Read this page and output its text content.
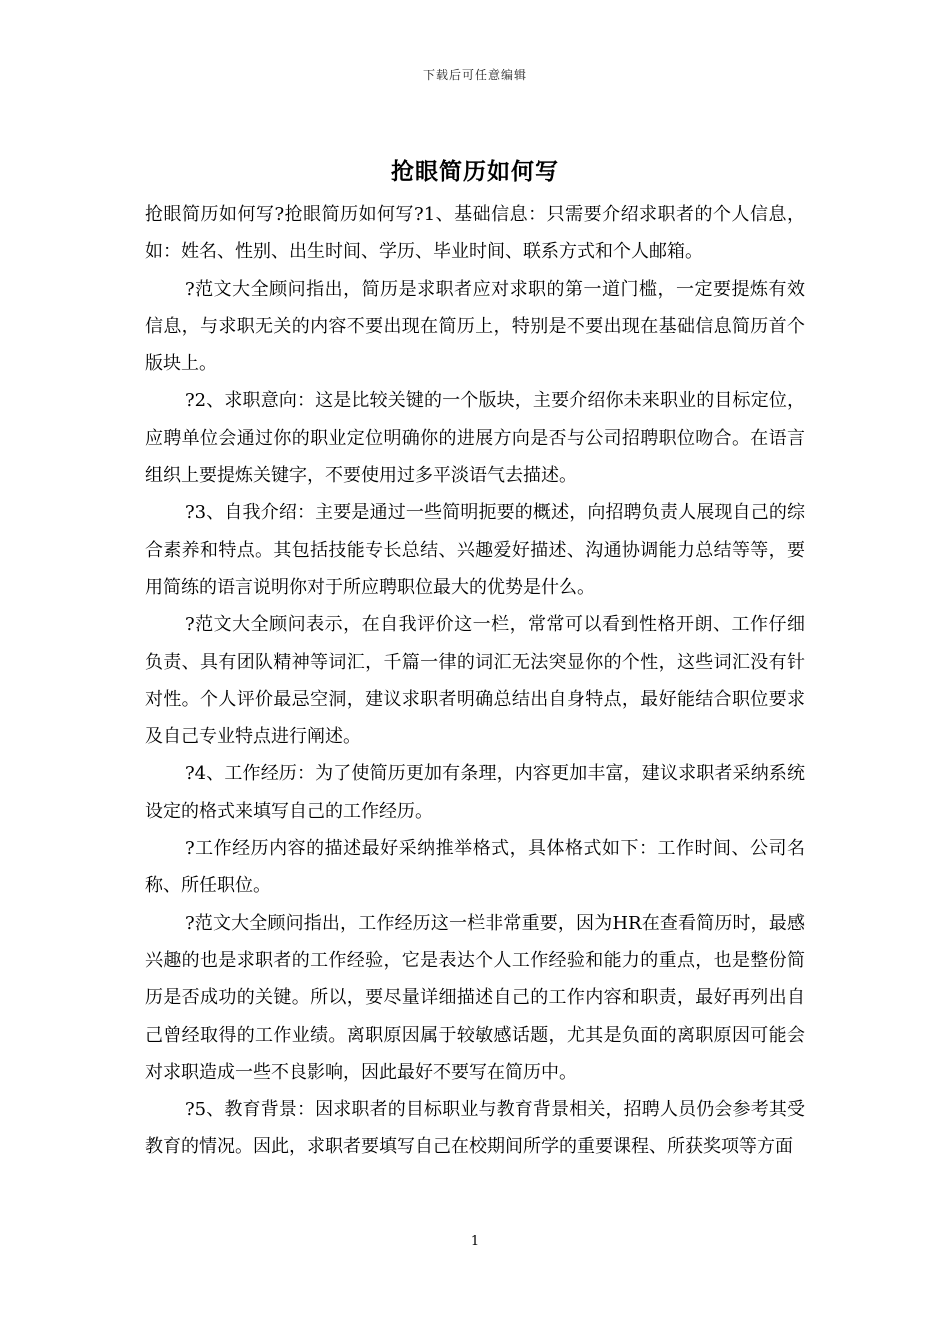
下载后可任意编辑
抢眼简历如何写

抢眼简历如何写?抢眼简历如何写?1、基础信息：只需要介绍求职者的个人信息，如：姓名、性别、出生时间、学历、毕业时间、联系方式和个人邮箱。

?范文大全顾问指出，简历是求职者应对求职的第一道门槛，一定要提炼有效信息，与求职无关的内容不要出现在简历上，特别是不要出现在基础信息简历首个版块上。

?2、求职意向：这是比较关键的一个版块，主要介绍你未来职业的目标定位，应聘单位会通过你的职业定位明确你的进展方向是否与公司招聘职位吻合。在语言组织上要提炼关键字，不要使用过多平淡语气去描述。

?3、自我介绍：主要是通过一些简明扼要的概述，向招聘负责人展现自己的综合素养和特点。其包括技能专长总结、兴趣爱好描述、沟通协调能力总结等等，要用简练的语言说明你对于所应聘职位最大的优势是什么。

?范文大全顾问表示，在自我评价这一栏，常常可以看到性格开朗、工作仔细负责、具有团队精神等词汇，千篇一律的词汇无法突显你的个性，这些词汇没有针对性。个人评价最忌空洞，建议求职者明确总结出自身特点，最好能结合职位要求及自己专业特点进行阐述。

?4、工作经历：为了使简历更加有条理，内容更加丰富，建议求职者采纳系统设定的格式来填写自己的工作经历。

?工作经历内容的描述最好采纳推举格式，具体格式如下：工作时间、公司名称、所任职位。

?范文大全顾问指出，工作经历这一栏非常重要，因为HR在查看简历时，最感兴趣的也是求职者的工作经验，它是表达个人工作经验和能力的重点，也是整份简历是否成功的关键。所以，要尽量详细描述自己的工作内容和职责，最好再列出自己曾经取得的工作业绩。离职原因属于较敏感话题，尤其是负面的离职原因可能会对求职造成一些不良影响，因此最好不要写在简历中。

?5、教育背景：因求职者的目标职业与教育背景相关，招聘人员仍会参考其受教育的情况。因此，求职者要填写自己在校期间所学的重要课程、所获奖项等方面

1
